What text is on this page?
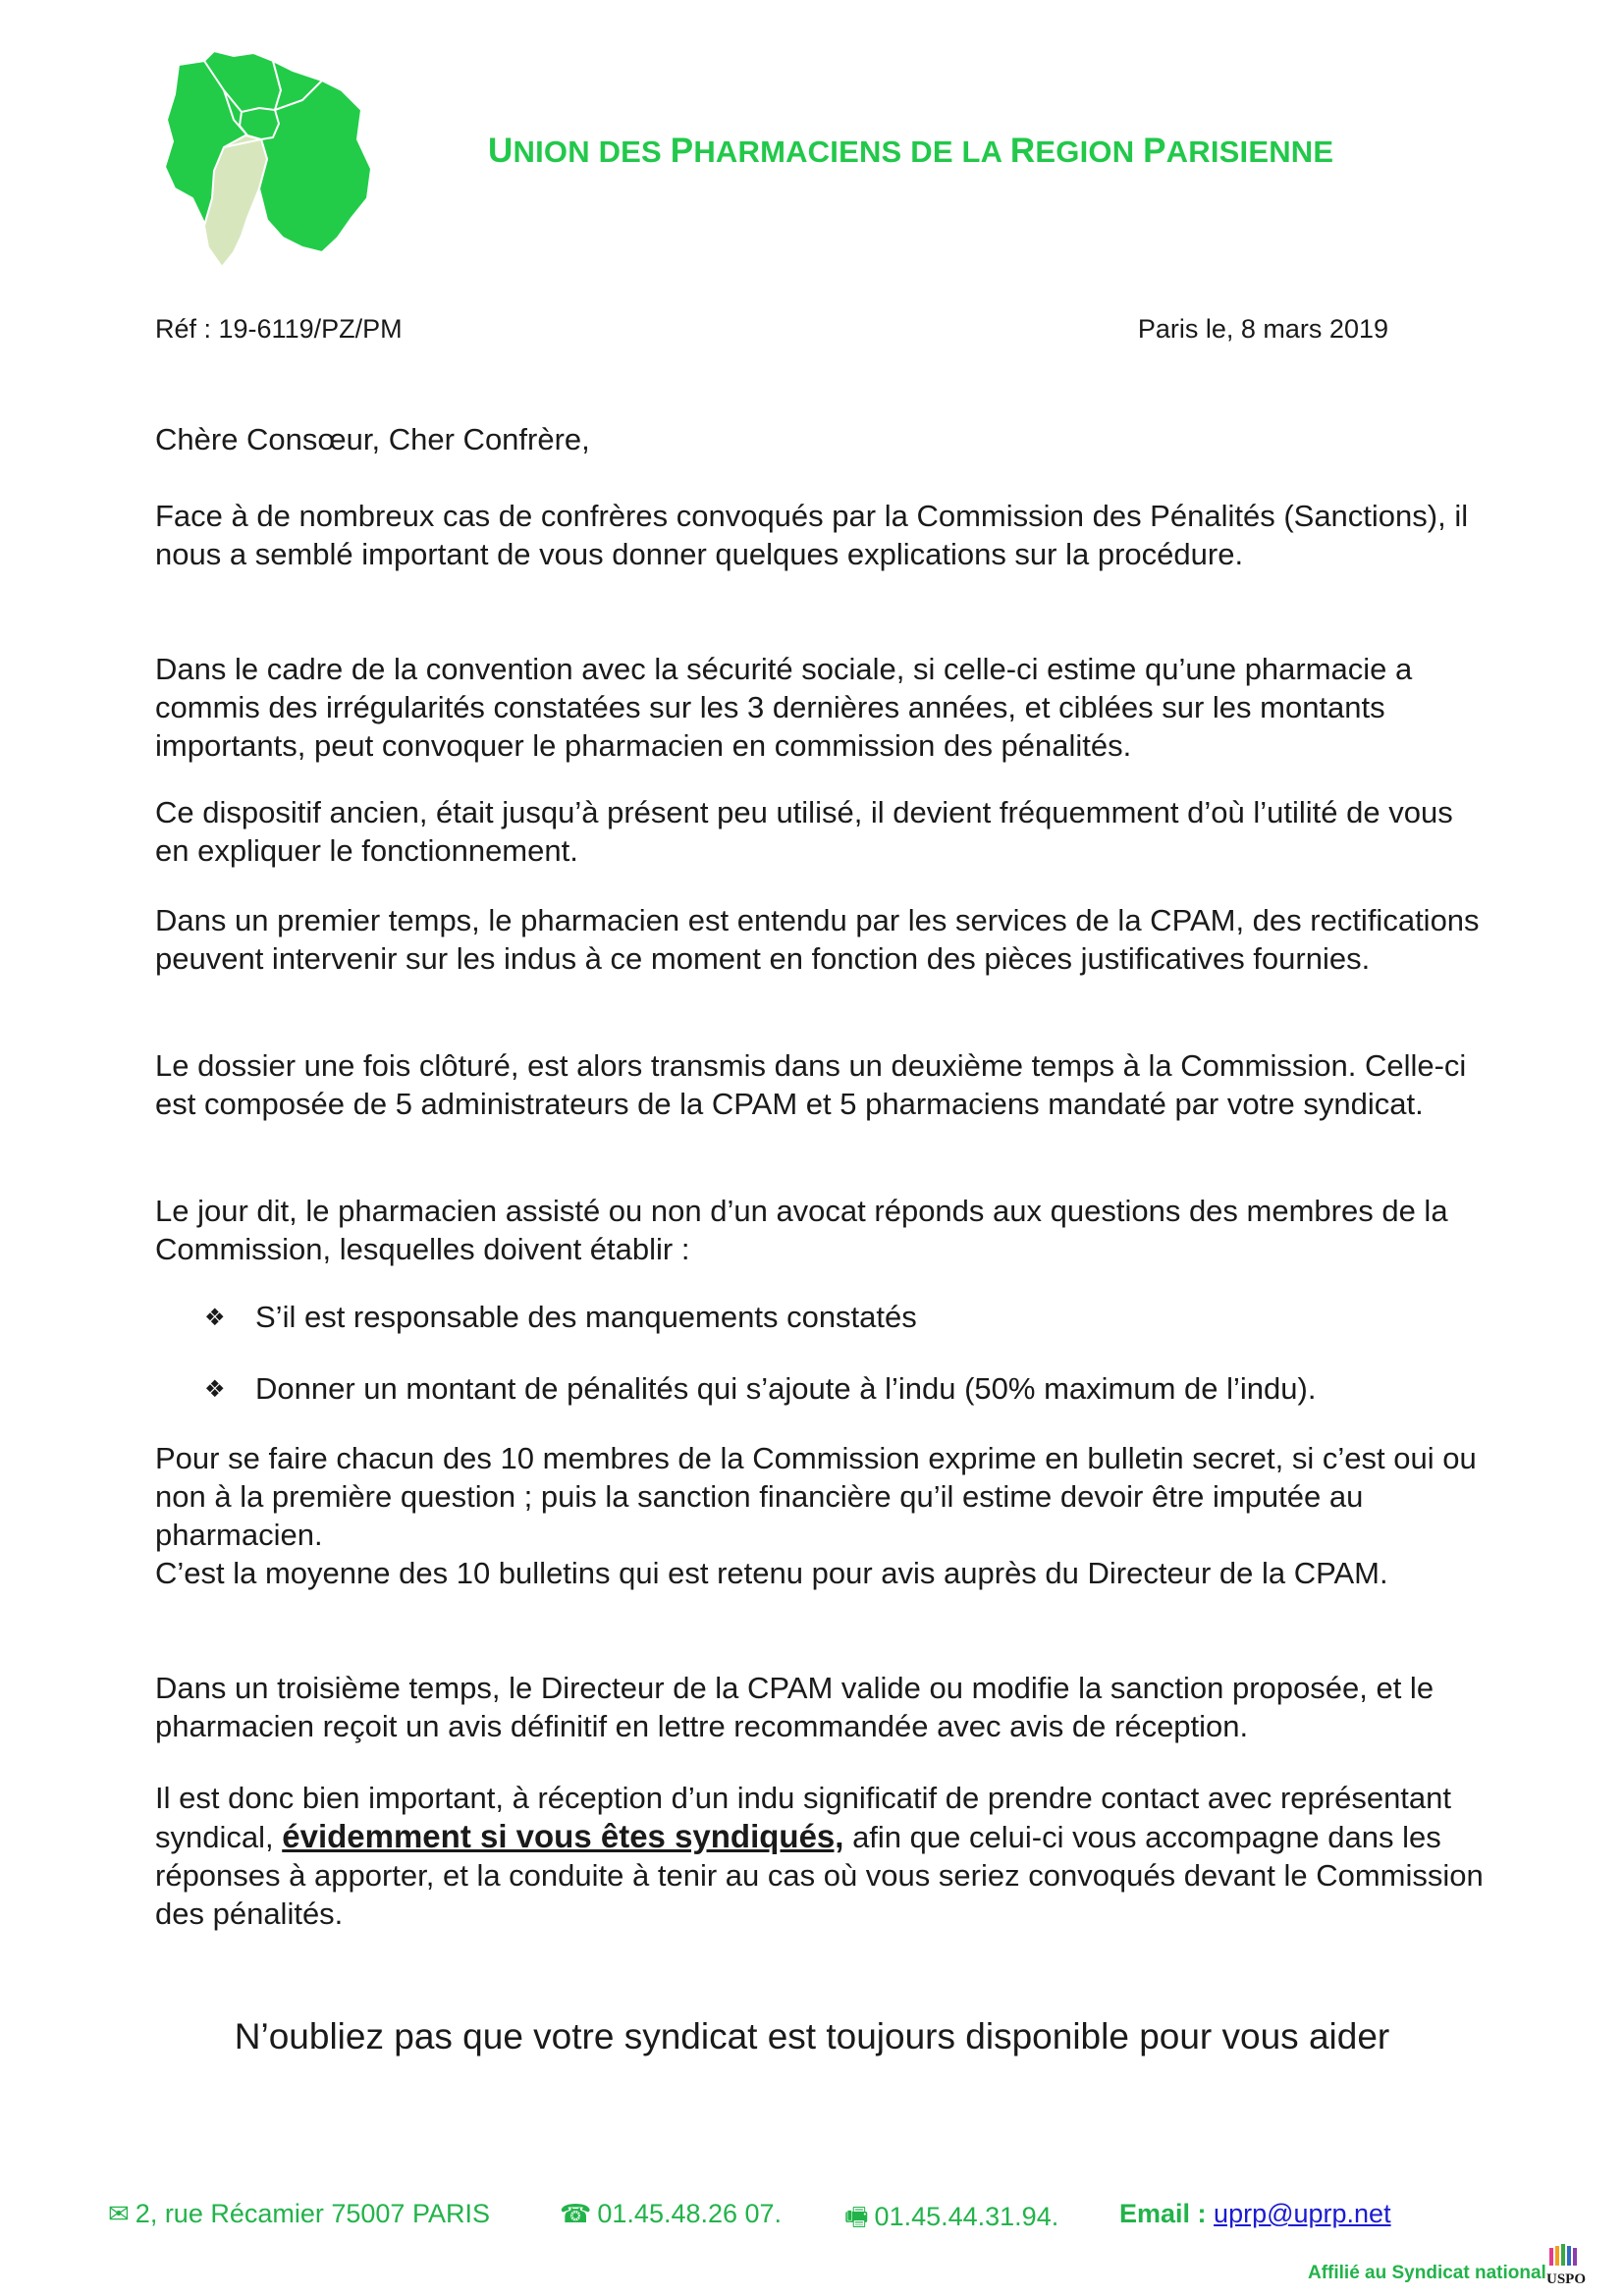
UNION DES PHARMACIENS DE LA REGION PARISIENNE
Réf : 19-6119/PZ/PM	Paris le, 8 mars 2019

Chère Consœur, Cher Confrère,

Face à de nombreux cas de confrères convoqués par la Commission des Pénalités (Sanctions), il nous a semblé important de vous donner quelques explications sur la procédure.

Dans le cadre de la convention avec la sécurité sociale, si celle-ci estime qu’une pharmacie a commis des irrégularités constatées sur les 3 dernières années, et ciblées sur les montants importants, peut convoquer le pharmacien en commission des pénalités.

Ce dispositif ancien, était jusqu’à présent peu utilisé, il devient fréquemment d’où l’utilité de vous en expliquer le fonctionnement.

Dans un premier temps, le pharmacien est entendu par les services de la CPAM, des rectifications peuvent intervenir sur les indus à ce moment en fonction des pièces justificatives fournies.

Le dossier une fois clôturé, est alors transmis dans un deuxième temps à la Commission. Celle-ci est composée de 5 administrateurs de la CPAM et 5 pharmaciens mandaté par votre syndicat.

Le jour dit, le pharmacien assisté ou non d’un avocat réponds aux questions des membres de la Commission, lesquelles doivent établir :

❖ S’il est responsable des manquements constatés
❖ Donner un montant de pénalités qui s’ajoute à l’indu (50% maximum de l’indu).

Pour se faire chacun des 10 membres de la Commission exprime en bulletin secret, si c’est oui ou non à la première question ; puis la sanction financière qu’il estime devoir être imputée au pharmacien.

C’est la moyenne des 10 bulletins qui est retenu pour avis auprès du Directeur de la CPAM.

Dans un troisième temps, le Directeur de la CPAM valide ou modifie la sanction proposée, et le pharmacien reçoit un avis définitif en lettre recommandée avec avis de réception.

Il est donc bien important, à réception d’un indu significatif de prendre contact avec représentant syndical, évidemment si vous êtes syndiqués, afin que celui-ci vous accompagne dans les réponses à apporter, et la conduite à tenir au cas où vous seriez convoqués devant le Commission des pénalités.

N’oubliez pas que votre syndicat est toujours disponible pour vous aider
✉ 2, rue Récamier 75007 PARIS	☎ 01.45.48.26 07. 🖷 01.45.44.31.94. Email : uprp@uprp.net
Affilié au Syndicat national USPO
